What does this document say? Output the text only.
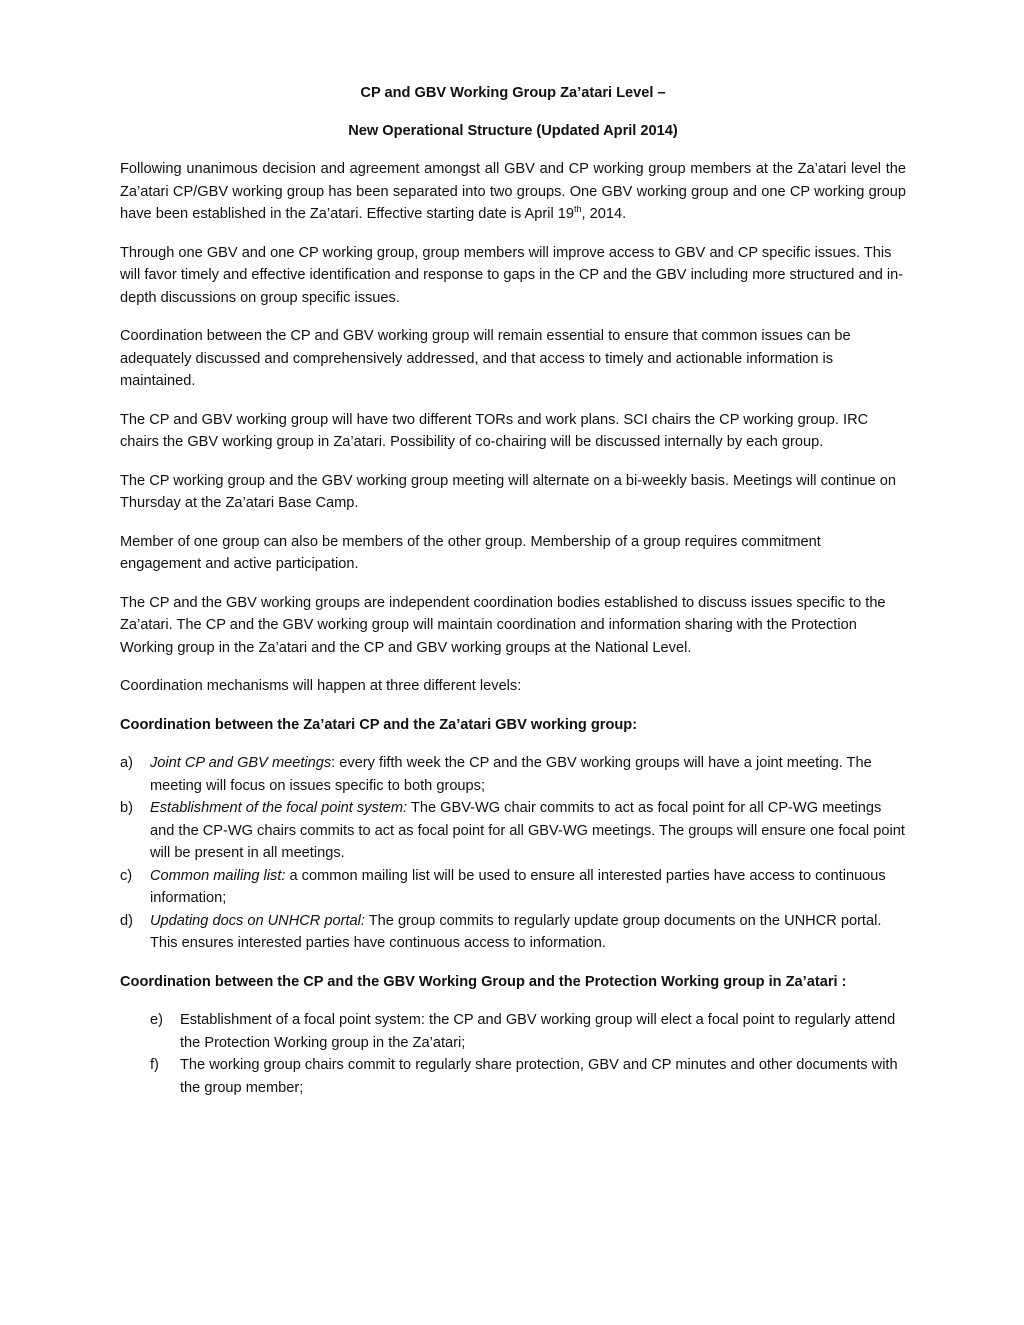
CP and GBV Working Group Za’atari Level –

New Operational Structure (Updated April 2014)

Following unanimous decision and agreement amongst all GBV and CP working group members at the Za’atari level the Za’atari CP/GBV working group has been separated into two groups. One GBV working group and one CP working group have been established in the Za’atari. Effective starting date is April 19th, 2014.

Through one GBV and one CP working group, group members will improve access to GBV and CP specific issues. This will favor timely and effective identification and response to gaps in the CP and the GBV including more structured and in-depth discussions on group specific issues.

Coordination between the CP and GBV working group will remain essential to ensure that common issues can be adequately discussed and comprehensively addressed, and that access to timely and actionable information is maintained.

The CP and GBV working group will have two different TORs and work plans. SCI chairs the CP working group. IRC chairs the GBV working group in Za’atari. Possibility of co-chairing will be discussed internally by each group.

The CP working group and the GBV working group meeting will alternate on a bi-weekly basis. Meetings will continue on Thursday at the Za’atari Base Camp.

Member of one group can also be members of the other group. Membership of a group requires commitment engagement and active participation.

The CP and the GBV working groups are independent coordination bodies established to discuss issues specific to the Za’atari. The CP and the GBV working group will maintain coordination and information sharing with the Protection Working group in the Za’atari and the CP and GBV working groups at the National Level.

Coordination mechanisms will happen at three different levels:

Coordination between the Za’atari CP and the Za’atari GBV working group:

a) Joint CP and GBV meetings: every fifth week the CP and the GBV working groups will have a joint meeting. The meeting will focus on issues specific to both groups;
b) Establishment of the focal point system: The GBV-WG chair commits to act as focal point for all CP-WG meetings and the CP-WG chairs commits to act as focal point for all GBV-WG meetings. The groups will ensure one focal point will be present in all meetings.
c) Common mailing list: a common mailing list will be used to ensure all interested parties have access to continuous information;
d) Updating docs on UNHCR portal: The group commits to regularly update group documents on the UNHCR portal. This ensures interested parties have continuous access to information.

Coordination between the CP and the GBV Working Group and the Protection Working group in Za’atari :

e) Establishment of a focal point system: the CP and GBV working group will elect a focal point to regularly attend the Protection Working group in the Za’atari;
f) The working group chairs commit to regularly share protection, GBV and CP minutes and other documents with the group member;
